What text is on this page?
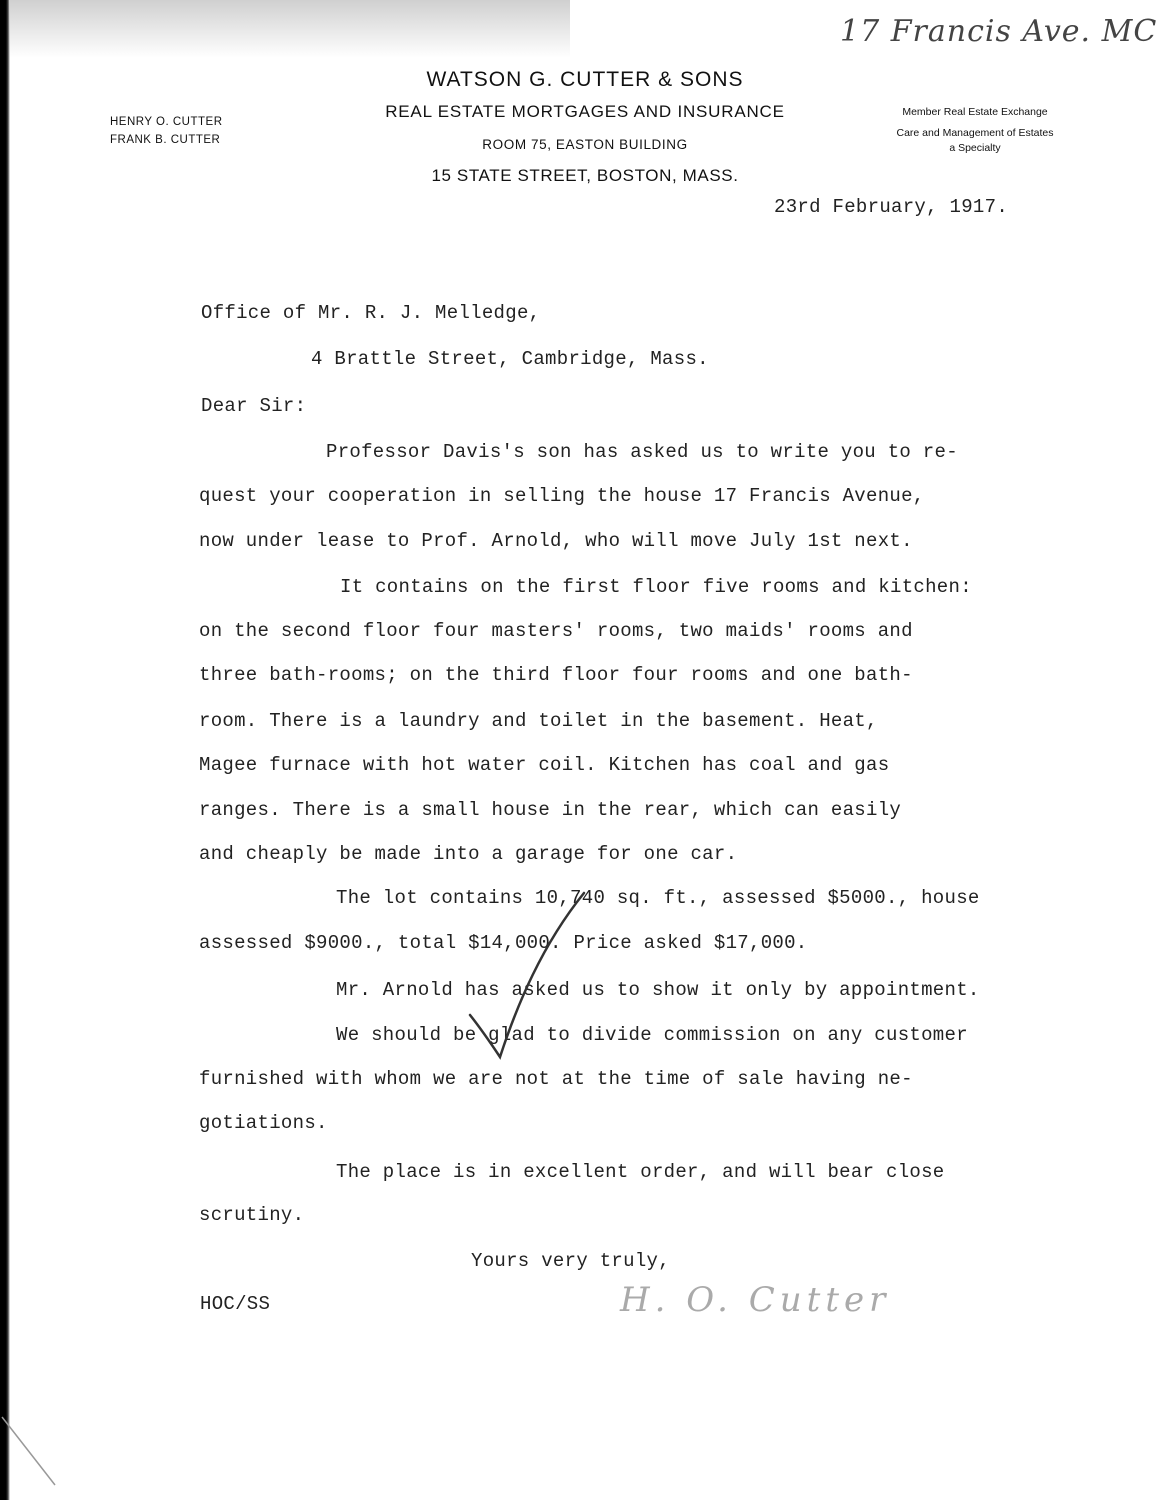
17 Francis Ave. MC
HENRY O. CUTTER
FRANK B. CUTTER
WATSON G. CUTTER & SONS
REAL ESTATE MORTGAGES AND INSURANCE
ROOM 75, EASTON BUILDING
15 STATE STREET, BOSTON, MASS.
Member Real Estate Exchange
Care and Management of Estates
a Specialty
23rd February, 1917.
Office of Mr. R. J. Melledge,
4 Brattle Street, Cambridge, Mass.
Dear Sir:
Professor Davis's son has asked us to write you to re-
quest your cooperation in selling the house 17 Francis Avenue,
now under lease to Prof. Arnold, who will move July 1st next.
It contains on the first floor five rooms and kitchen:
on the second floor four masters' rooms, two maids' rooms and
three bath-rooms; on the third floor four rooms and one bath-
room. There is a laundry and toilet in the basement. Heat,
Magee furnace with hot water coil. Kitchen has coal and gas
ranges. There is a small house in the rear, which can easily
and cheaply be made into a garage for one car.
The lot contains 10,740 sq. ft., assessed $5000., house
assessed $9000., total $14,000. Price asked $17,000.
Mr. Arnold has asked us to show it only by appointment.
We should be glad to divide commission on any customer
furnished with whom we are not at the time of sale having ne-
gotiations.
The place is in excellent order, and will bear close
scrutiny.
Yours very truly,
HOC/SS	H. O. Cutter
